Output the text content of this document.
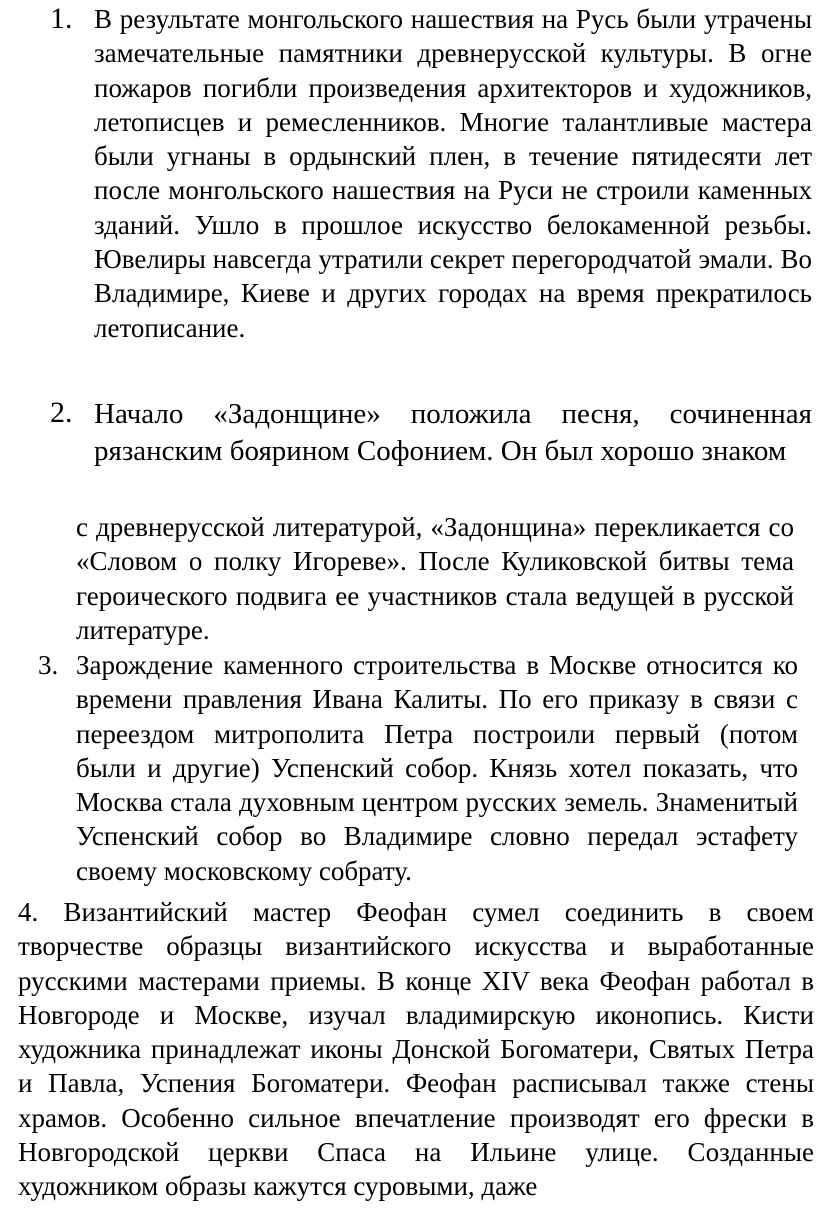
1. В результате монгольского нашествия на Русь были утрачены замечательные памятники древнерусской культуры. В огне пожаров погибли произведения архитекторов и художников, летописцев и ремесленников. Многие талантливые мастера были угнаны в ордынский плен, в течение пятидесяти лет после монгольского нашествия на Руси не строили каменных зданий. Ушло в прошлое искусство белокаменной резьбы. Ювелиры навсегда утратили секрет перегородчатой эмали. Во Владимире, Киеве и других городах на время прекратилось летописание.

2. Начало «Задонщине» положила песня, сочиненная рязанским боярином Софонием. Он был хорошо знаком

с древнерусской литературой, «Задонщина» перекликается со «Словом о полку Игореве». После Куликовской битвы тема героического подвига ее участников стала ведущей в русской литературе.

3. Зарождение каменного строительства в Москве относится ко времени правления Ивана Калиты. По его приказу в связи с переездом митрополита Петра построили первый (потом были и другие) Успенский собор. Князь хотел показать, что Москва стала духовным центром русских земель. Знаменитый Успенский собор во Владимире словно передал эстафету своему московскому собрату.

4. Византийский мастер Феофан сумел соединить в своем творчестве образцы византийского искусства и выработанные русскими мастерами приемы. В конце XIV века Феофан работал в Новгороде и Москве, изучал владимирскую иконопись. Кисти художника принадлежат иконы Донской Богоматери, Святых Петра и Павла, Успения Богоматери. Феофан расписывал также стены храмов. Особенно сильное впечатление производят его фрески в Новгородской церкви Спаса на Ильине улице. Созданные художником образы кажутся суровыми, даже
